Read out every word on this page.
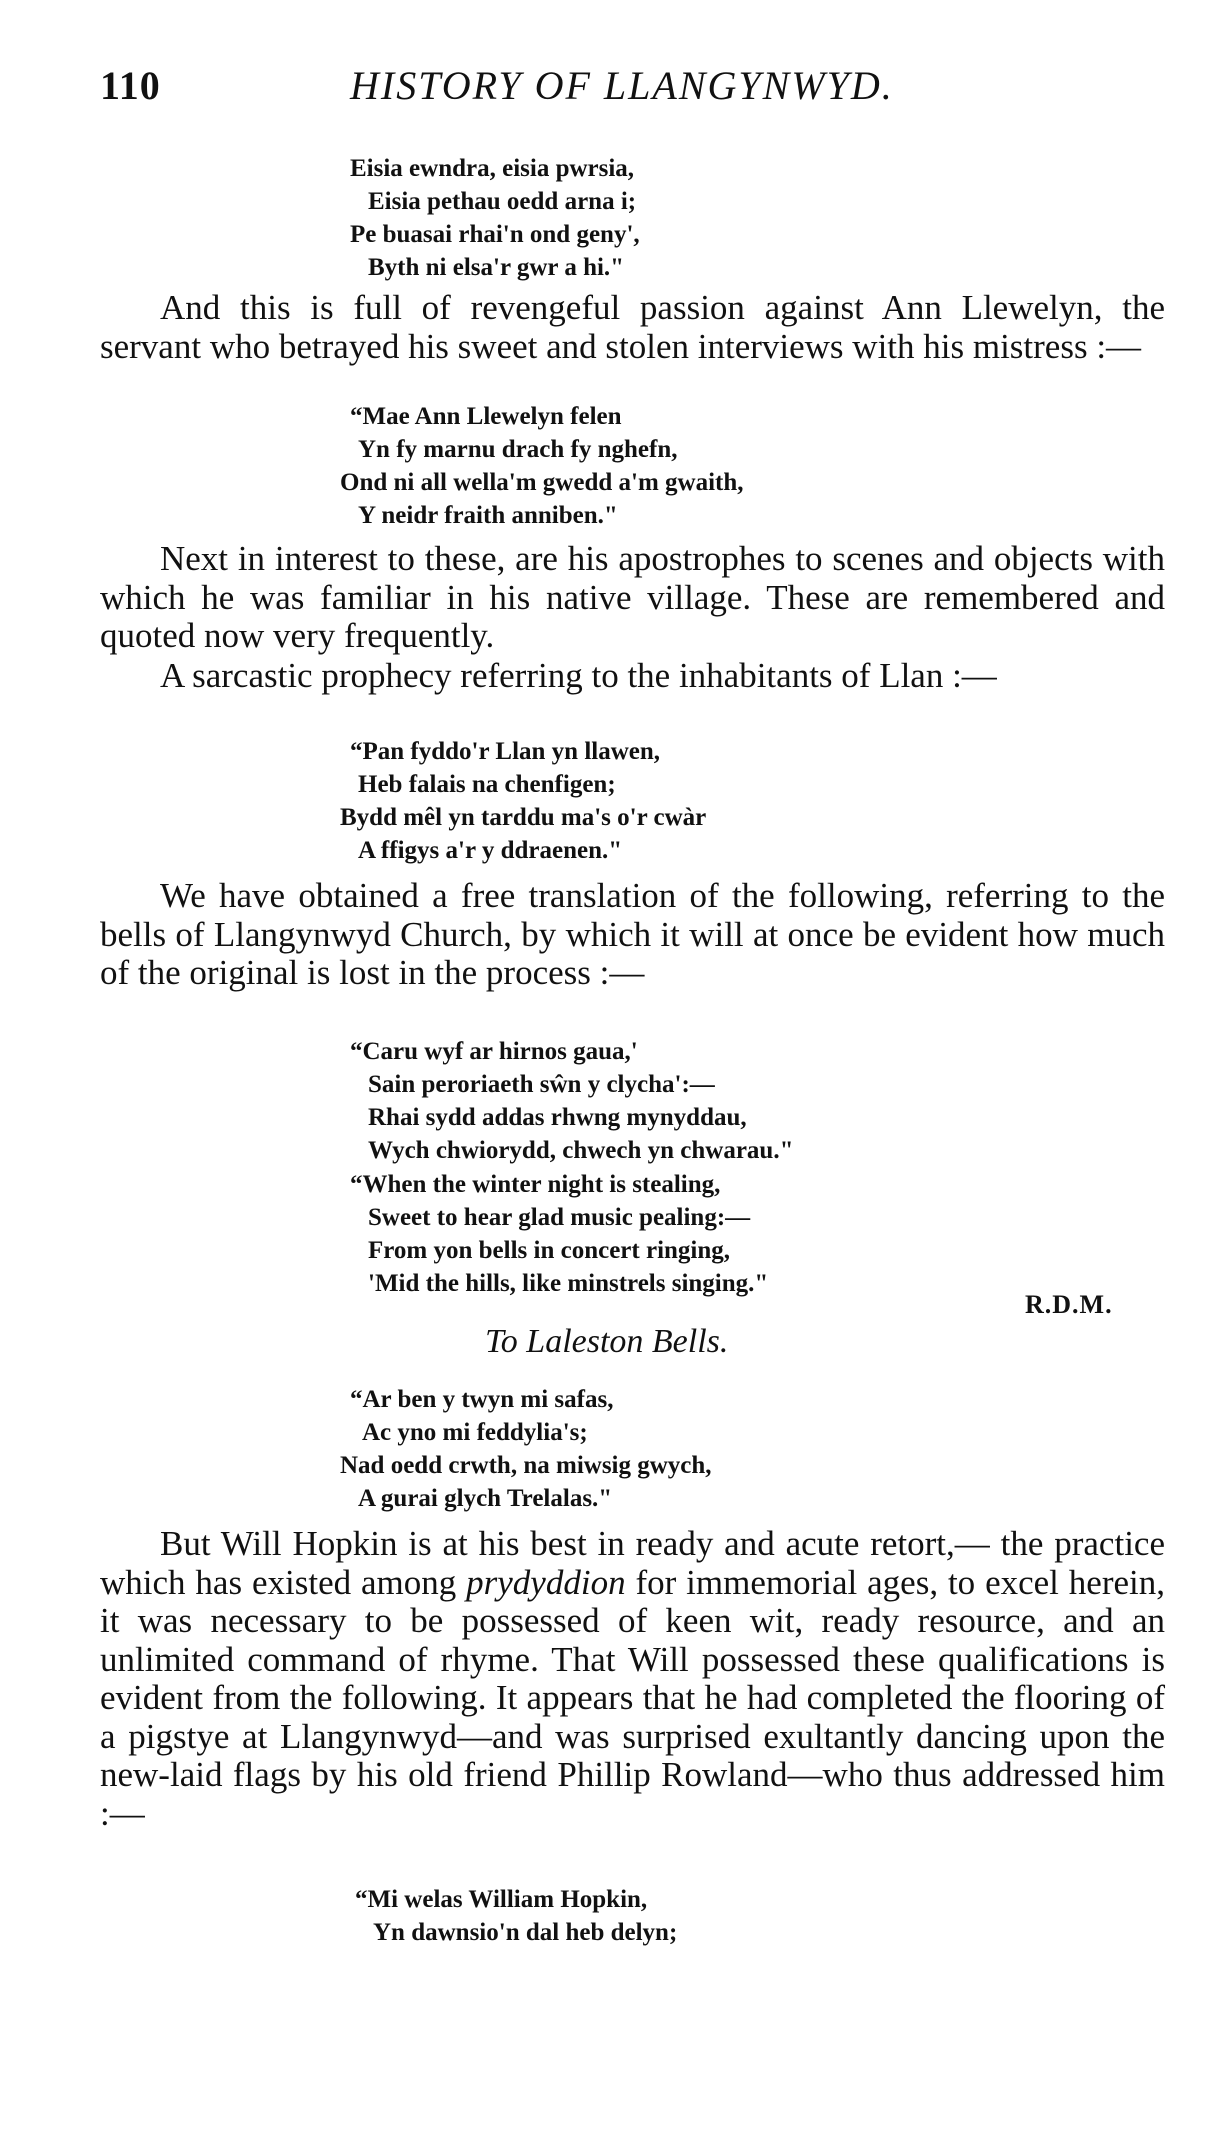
110	HISTORY OF LLANGYNWYD.
Eisia ewndra, eisia pwrsia,
Eisia pethau oedd arna i;
Pe buasai rhai'n ond geny',
Byth ni elsa'r gwr a hi."

And this is full of revengeful passion against Ann Llewelyn, the servant who betrayed his sweet and stolen interviews with his mistress :—

“Mae Ann Llewelyn felen
Yn fy marnu drach fy nghefn,
Ond ni all wella'm gwedd a'm gwaith,
Y neidr fraith anniben."

Next in interest to these, are his apostrophes to scenes and objects with which he was familiar in his native village. These are remembered and quoted now very frequently.

A sarcastic prophecy referring to the inhabitants of Llan :—

“Pan fyddo'r Llan yn llawen,
Heb falais na chenfigen;
Bydd mêl yn tarddu ma's o'r cwàr
A ffigys a'r y ddraenen."

We have obtained a free translation of the following, referring to the bells of Llangynwyd Church, by which it will at once be evident how much of the original is lost in the process :—

“Caru wyf ar hirnos gaua,'
Sain peroriaeth sŵn y clycha':—
Rhai sydd addas rhwng mynyddau,
Wych chwiorydd, chwech yn chwarau."
“When the winter night is stealing,
Sweet to hear glad music pealing:—
From yon bells in concert ringing,
'Mid the hills, like minstrels singing."
R.D.M.
To Laleston Bells.
“Ar ben y twyn mi safas,
Ac yno mi feddylia's;
Nad oedd crwth, na miwsig gwych,
A gurai glych Trelalas."

But Will Hopkin is at his best in ready and acute retort,— the practice which has existed among prydyddion for immemorial ages, to excel herein, it was necessary to be possessed of keen wit, ready resource, and an unlimited command of rhyme. That Will possessed these qualifications is evident from the following. It appears that he had completed the flooring of a pigstye at Llangynwyd—and was surprised exultantly dancing upon the new-laid flags by his old friend Phillip Rowland—who thus addressed him :—

“Mi welas William Hopkin,
Yn dawnsio'n dal heb delyn;
